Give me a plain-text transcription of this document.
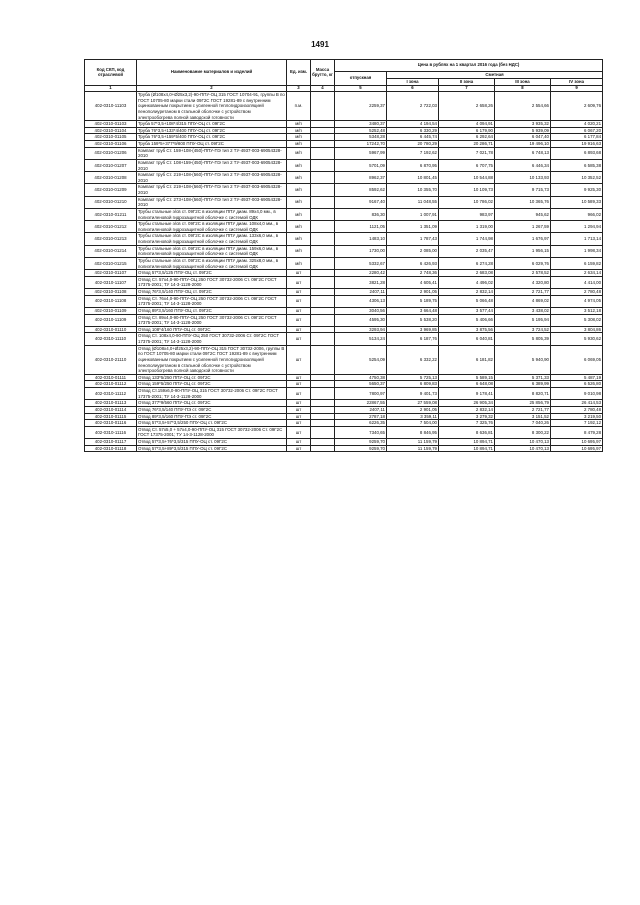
1491
Код СКП, код отраслевой	Наименование материалов и изделий	Ед. изм.	Масса брутто, кг	Цена в рублях на 1 квартал 2016 года (без НДС)				
				отпускная	Сметная			
					I зона	II зона	III зона	IV зона
1	2	3	4	5	6	7	8	9
402-0310-11103	Труба (Ø108х4,0+Ø25х3,2)-90-ППУ-ОЦ 315 ГОСТ 10704-91, группы В по ГОСТ 10705-80 марки стали 09Г2С ГОСТ 19281-89 с внутренним оцинкованным покрытием с усиленной теплогидроизоляцией пенополиуретаном в стальной оболочке с устройством электрообогрева полной заводской готовности	п.м.		2259,37	2 722,03	2 658,26	2 554,66	2 609,76
402-0310-01103	Труба 57*3,5+108*4/315 ППУ-ОЦ ст. 09Г2С	м/п		3480,37	4 194,54	4 094,91	3 935,32	4 020,21
402-0310-01104	Труба 76*3,5+133*4/400 ППУ-ОЦ ст. 09Г2С	м/п		5252,48	6 330,29	6 179,90	5 939,09	6 067,20
402-0310-01105	Труба 76*3,5+159*5/400 ППУ-ОЦ ст. 09Г2С	м/п		5348,28	6 445,74	6 292,64	6 047,40	6 177,84
402-0310-01106	Труба 159*5+377*9/800 ППУ-ОЦ ст. 09Г2С	м/п		17242,70	20 780,29	20 286,71	19 496,10	19 916,63
402-0310-01206	Компакт труб Ст. 159+108-(450)-ППУ-ПЭ тип 2 ТУ-4937-003-69054328-2010	м/п		5967,99	7 192,62	7 021,78	6 748,13	6 893,68
402-0310-01207	Компакт труб Ст. 108+159-(450)-ППУ-ПЭ тип 2 ТУ-4937-003-69054328-2010	м/п		5701,09	6 870,95	6 707,75	6 446,34	6 585,38
402-0310-01208	Компакт труб Ст. 219+108-(560)-ППУ-ПЭ тип 2 ТУ-4937-003-69054328-2010	м/п		8962,37	10 801,45	10 544,88	10 133,93	10 352,52
402-0310-01209	Компакт труб Ст. 219+108-(560)-ППУ-ПЭ тип 2 ТУ-4937-003-69054328-2010	м/п		8592,62	10 355,70	10 109,73	9 715,73	9 925,30
402-0310-01210	Компакт труб Ст. 273+108-(560)-ППУ-ПЭ тип 2 ТУ-4937-003-69054328-2010	м/п		9167,40	11 048,55	10 786,02	10 365,76	10 589,33
402-0310-01211	Трубы стальные э/св ст. 09Г2С в изоляции ППУ диам. 89х4,0 мм., в полиэтиленовой гидрозащитной оболочке с системой ОДК	м/п		836,30	1 007,91	983,97	945,62	966,02
402-0310-01212	Трубы стальные э/св ст. 09Г2С в изоляции ППУ диам. 108х4,0 мм., в полиэтиленовой гидрозащитной оболочке с системой ОДК	м/п		1121,05	1 351,09	1 319,00	1 267,59	1 294,94
402-0310-01213	Трубы стальные э/св ст. 09Г2С в изоляции ППУ диам. 133х6,0 мм., в полиэтиленовой гидрозащитной оболочке с системой ОДК	м/п		1483,10	1 787,43	1 744,98	1 676,97	1 713,14
402-0310-01214	Трубы стальные э/св ст. 09Г2С в изоляции ППУ диам. 159х6,0 мм., в полиэтиленовой гидрозащитной оболочке с системой ОДК	м/п		1730,00	2 085,00	2 035,47	1 956,15	1 998,34
402-0310-01215	Трубы стальные э/св ст. 09Г2С в изоляции ППУ диам. 325х8,0 мм., в полиэтиленовой гидрозащитной оболочке с системой ОДК	м/п		5332,67	6 426,93	6 274,28	6 029,76	6 159,82
402-0310-01107	Отвод 57*3,5/125 ППУ-ОЦ ст. 09Г2С	шт		2280,42	2 748,36	2 683,08	2 578,52	2 634,14
402-0310-11107	Отвод Ст. 57х4,0-90-ППУ-ОЦ 250 ГОСТ 30732-2006 Ст. 09Г2С ГОСТ 17375-2001; ТУ 14-3-1128-2000	шт		3821,28	4 605,41	4 496,02	4 320,80	4 414,00
402-0310-01108	Отвод 76*3,5/140 ППУ-ОЦ ст. 09Г2С	шт		2407,11	2 901,05	2 832,14	2 721,77	2 780,48
402-0310-11108	Отвод Ст. 76х4,0-90-ППУ-ОЦ 250 ГОСТ 30732-2006 Ст. 09Г2С ГОСТ 17375-2001; ТУ 14-3-1128-2000	шт		4306,13	5 189,75	5 066,48	4 869,02	4 974,05
402-0310-01109	Отвод 89*3,5/160 ППУ-ОЦ ст. 09Г2С	шт		3040,56	3 664,48	3 577,44	3 438,02	3 512,18
402-0310-11109	Отвод Ст. 89х4,0-90-ППУ-ОЦ 250 ГОСТ 30732-2006 Ст. 09Г2С ГОСТ 17375-2001; ТУ 14-3-1128-2000	шт		4595,30	5 538,20	5 406,66	5 195,94	5 308,02
402-0310-01110	Отвод 108*4/160 ППУ-ОЦ ст. 09Г2С	шт		3293,94	3 969,85	3 875,56	3 724,52	3 804,86
402-0310-11110	Отвод Ст. 108х4,0-90-ППУ-ОЦ 250 ГОСТ 30732-2006 Ст. 09Г2С ГОСТ 17375-2001; ТУ 14-3-1128-2000	шт		5134,24	6 187,76	6 040,81	5 805,39	5 930,62
402-0310-21110	Отвод (Ø108х4,0+Ø25х3,2)-90-ППУ-ОЦ 315 ГОСТ 30732-2006, группы В по ГОСТ 10705-80 марки стали 09Г2С ГОСТ 19281-89 с внутренним оцинкованным покрытием с усиленной теплогидроизоляцией пенополиуретаном в стальной оболочке с устройством электрообогрева полной заводской готовности	шт		5254,09	6 332,22	6 181,82	5 940,90	6 069,05
402-0310-01111	Отвод 133*5/250 ППУ-ОЦ ст. 09Г2С	шт		4750,38	5 725,13	5 589,15	5 371,33	5 487,19
402-0310-01112	Отвод 159*5/250 ППУ-ОЦ ст. 09Г2С	шт		5650,37	6 809,83	6 648,08	6 389,99	6 526,80
402-0310-11112	Отвод Ст.159х6,0-90-ППУ-ОЦ 315 ГОСТ 30732-2006 Ст. 09Г2С ГОСТ 17375-2001; ТУ 14-3-1128-2000	шт		7800,97	9 401,73	9 178,41	8 820,71	9 010,98
402-0310-01113	Отвод 377*9/560 ППУ-ОЦ ст. 09Г2С	шт		22867,55	27 559,08	26 905,34	25 856,79	26 414,53
402-0310-01114	Отвод 76*3,5/140 ППУ-ПЭ ст. 09Г2С	шт		2407,11	2 901,05	2 832,14	2 721,77	2 780,48
402-0310-01115	Отвод 89*3,5/160 ППУ-ПЭ ст. 09Г2С	шт		2787,18	3 359,11	3 279,32	3 151,52	3 219,50
402-0310-01116	Отвод 57*3,5+57*3,5/250 ППУ-ОЦ ст. 09Г2С	шт		6226,35	7 504,00	7 325,76	7 040,26	7 192,12
402-0310-11116	Отвод Ст. 57х5,0 + 57х4,0-90-ППУ-ОЦ 315 ГОСТ 30732-2006 Ст. 09Г2С ГОСТ 17375-2001; ТУ 14-3-1128-2000	шт		7340,65	8 846,95	8 636,81	8 300,22	8 479,28
402-0310-01117	Отвод 57*3,5+76*3,5/315 ППУ-ОЦ ст. 09Г2С	шт		9259,70	11 159,79	10 894,71	10 470,13	10 695,97
402-0310-01118	Отвод 57*3,5+89*3,5/315 ППУ-ОЦ ст. 09Г2С	шт		9259,70	11 159,79	10 894,71	10 470,13	10 695,97
